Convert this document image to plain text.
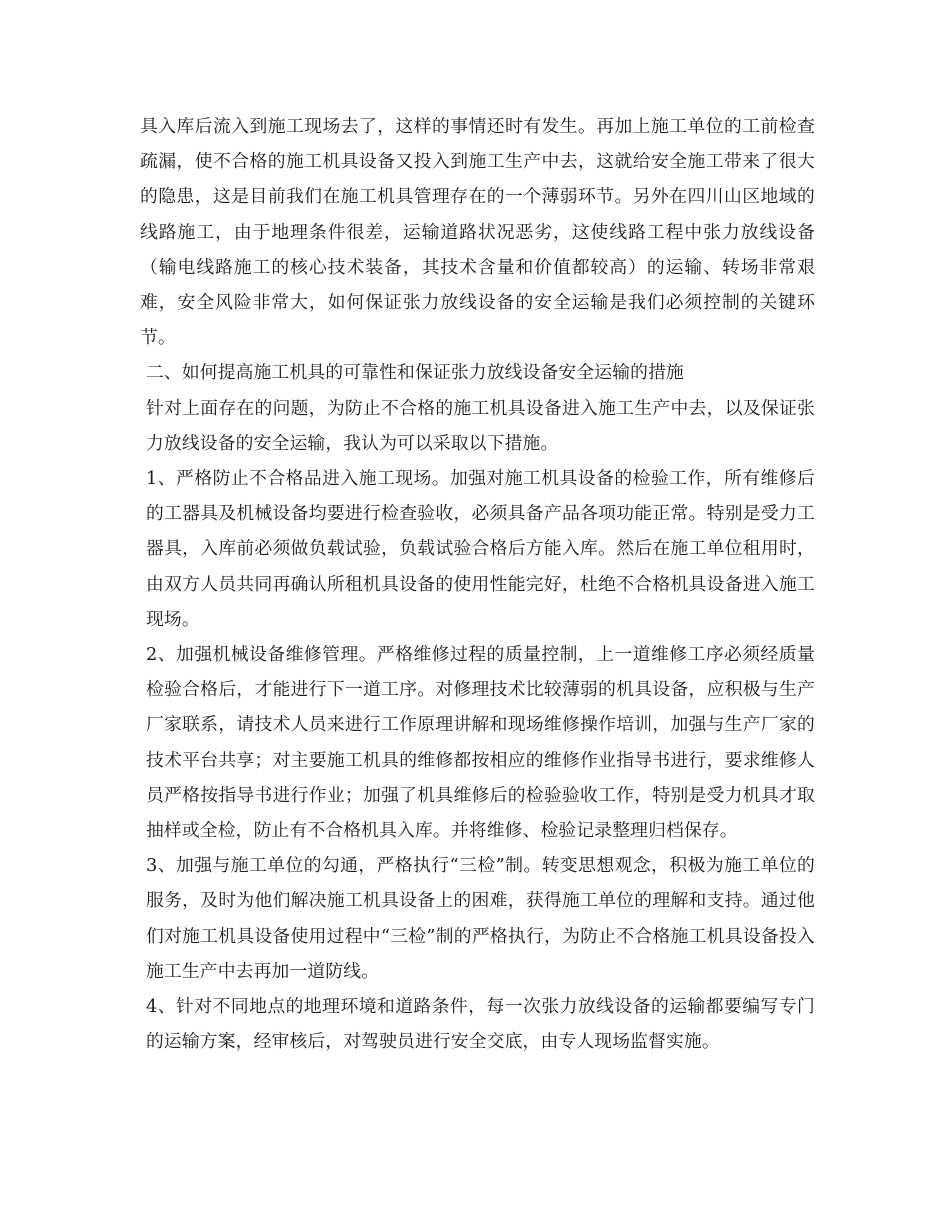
具入库后流入到施工现场去了，这样的事情还时有发生。再加上施工单位的工前检查疏漏，使不合格的施工机具设备又投入到施工生产中去，这就给安全施工带来了很大的隐患，这是目前我们在施工机具管理存在的一个薄弱环节。另外在四川山区地域的线路施工，由于地理条件很差，运输道路状况恶劣，这使线路工程中张力放线设备（输电线路施工的核心技术装备，其技术含量和价值都较高）的运输、转场非常艰难，安全风险非常大，如何保证张力放线设备的安全运输是我们必须控制的关键环节。

二、如何提高施工机具的可靠性和保证张力放线设备安全运输的措施

针对上面存在的问题，为防止不合格的施工机具设备进入施工生产中去，以及保证张力放线设备的安全运输，我认为可以采取以下措施。

1、严格防止不合格品进入施工现场。加强对施工机具设备的检验工作，所有维修后的工器具及机械设备均要进行检查验收，必须具备产品各项功能正常。特别是受力工器具，入库前必须做负载试验，负载试验合格后方能入库。然后在施工单位租用时，由双方人员共同再确认所租机具设备的使用性能完好，杜绝不合格机具设备进入施工现场。

2、加强机械设备维修管理。严格维修过程的质量控制，上一道维修工序必须经质量检验合格后，才能进行下一道工序。对修理技术比较薄弱的机具设备，应积极与生产厂家联系，请技术人员来进行工作原理讲解和现场维修操作培训，加强与生产厂家的技术平台共享；对主要施工机具的维修都按相应的维修作业指导书进行，要求维修人员严格按指导书进行作业；加强了机具维修后的检验验收工作，特别是受力机具才取抽样或全检，防止有不合格机具入库。并将维修、检验记录整理归档保存。

3、加强与施工单位的勾通，严格执行“三检”制。转变思想观念，积极为施工单位的服务，及时为他们解决施工机具设备上的困难，获得施工单位的理解和支持。通过他们对施工机具设备使用过程中“三检”制的严格执行，为防止不合格施工机具设备投入施工生产中去再加一道防线。

4、针对不同地点的地理环境和道路条件，每一次张力放线设备的运输都要编写专门的运输方案，经审核后，对驾驶员进行安全交底，由专人现场监督实施。
